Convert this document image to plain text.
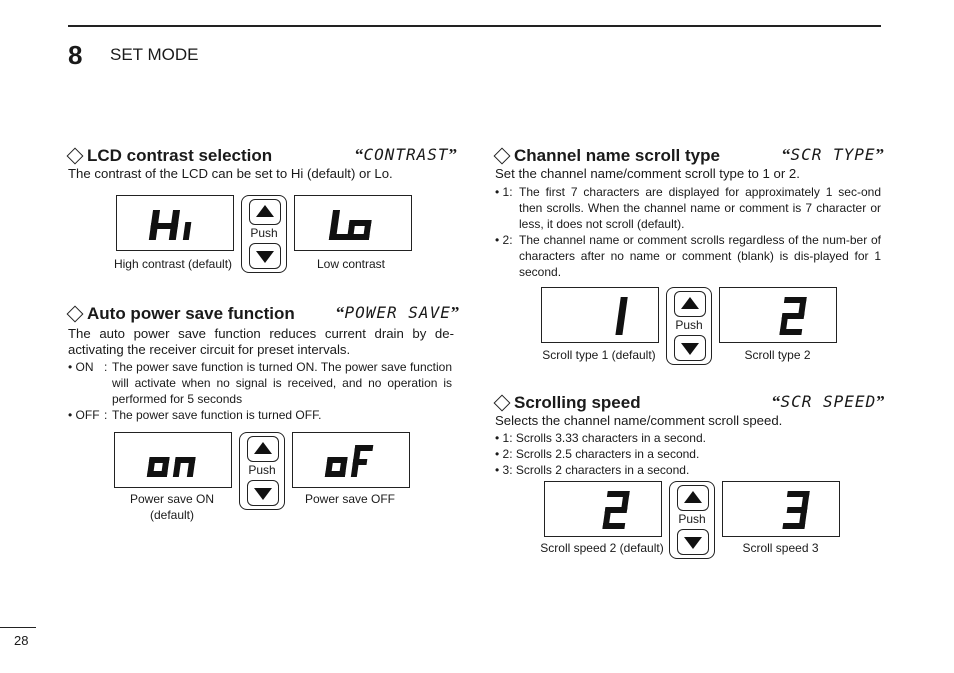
8 SET MODE
LCD contrast selection	“CONTRAST”
The contrast of the LCD can be set to Hi (default) or Lo.
Push
High contrast (default)	Low contrast
Auto power save function “POWER SAVE”
The auto power save function reduces current drain by de-activating the receiver circuit for preset intervals.
• ON : The power save function is turned ON. The power save function will activate when no signal is received, and no operation is performed for 5 seconds
• OFF : The power save function is turned OFF.
Push
Power save ON
(default)
Power save OFF
Channel name scroll type	“SCR TYPE”
Set the channel name/comment scroll type to 1 or 2.
• 1: The first 7 characters are displayed for approximately 1 sec-ond then scrolls. When the channel name or comment is 7 character or less, it does not scroll (default).
• 2: The channel name or comment scrolls regardless of the num-ber of characters after no name or comment (blank) is dis-played for 1 second.
Push
Scroll type 1 (default)	Scroll type 2
Scrolling speed	“SCR SPEED”
Selects the channel name/comment scroll speed.
• 1: Scrolls 3.33 characters in a second.
• 2: Scrolls 2.5 characters in a second.
• 3: Scrolls 2 characters in a second.
Push
Scroll speed 2 (default)	Scroll speed 3
28
